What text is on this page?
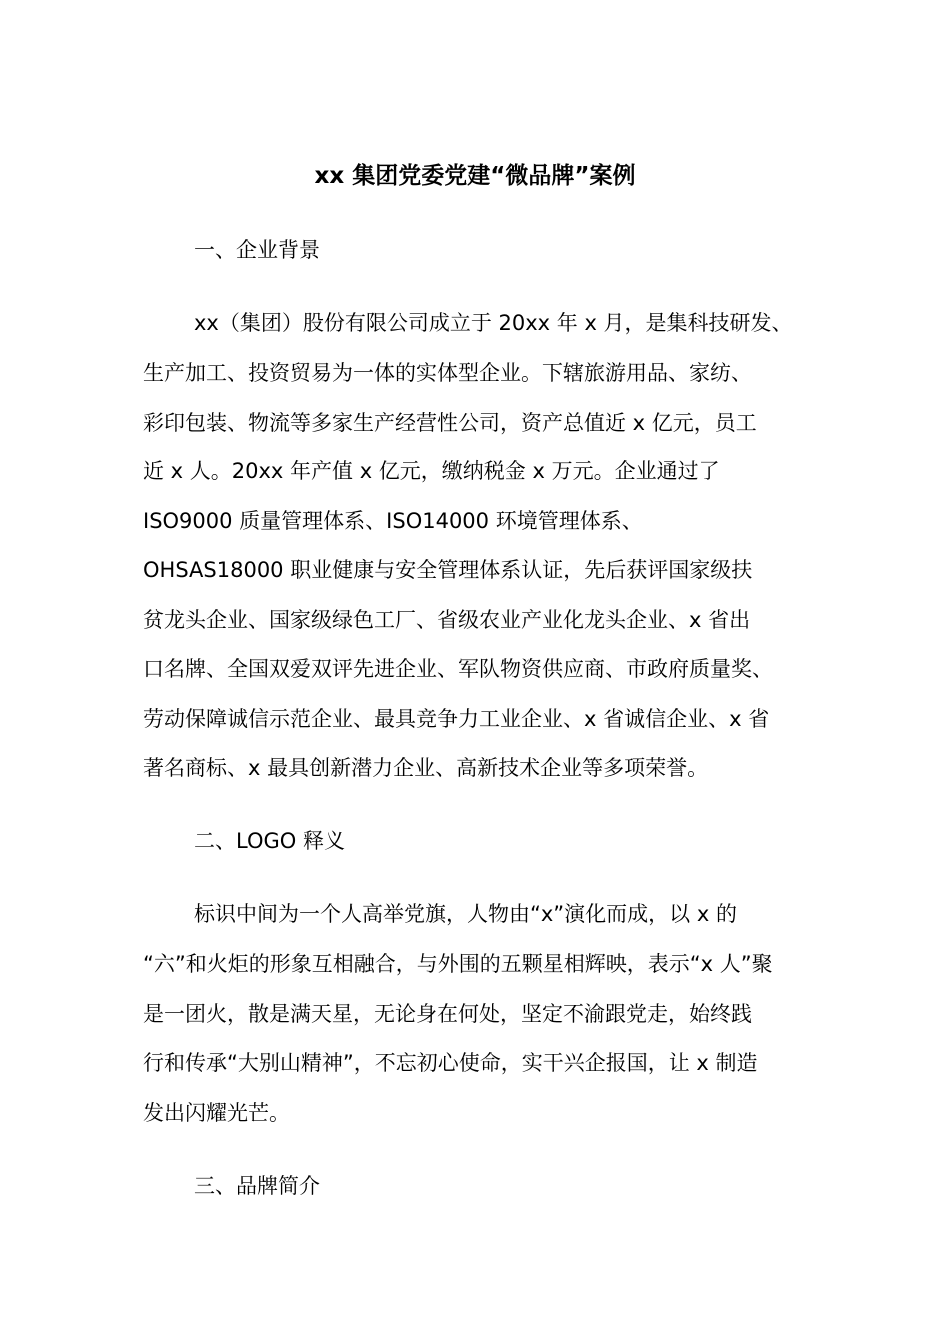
xx 集团党委党建“微品牌”案例
一、企业背景
xx（集团）股份有限公司成立于 20xx 年 x 月，是集科技研发、
生产加工、投资贸易为一体的实体型企业。下辖旅游用品、家纺、
彩印包装、物流等多家生产经营性公司，资产总值近 x 亿元，员工
近 x 人。20xx 年产值 x 亿元，缴纳税金 x 万元。企业通过了
ISO9000 质量管理体系、ISO14000 环境管理体系、
OHSAS18000 职业健康与安全管理体系认证，先后获评国家级扶
贫龙头企业、国家级绿色工厂、省级农业产业化龙头企业、x 省出
口名牌、全国双爱双评先进企业、军队物资供应商、市政府质量奖、
劳动保障诚信示范企业、最具竞争力工业企业、x 省诚信企业、x 省
著名商标、x 最具创新潜力企业、高新技术企业等多项荣誉。
二、LOGO 释义
标识中间为一个人高举党旗，人物由“x”演化而成，以 x 的
“六”和火炬的形象互相融合，与外围的五颗星相辉映，表示“x 人”聚
是一团火，散是满天星，无论身在何处，坚定不渝跟党走，始终践
行和传承“大别山精神”，不忘初心使命，实干兴企报国，让 x 制造
发出闪耀光芒。
三、品牌简介
